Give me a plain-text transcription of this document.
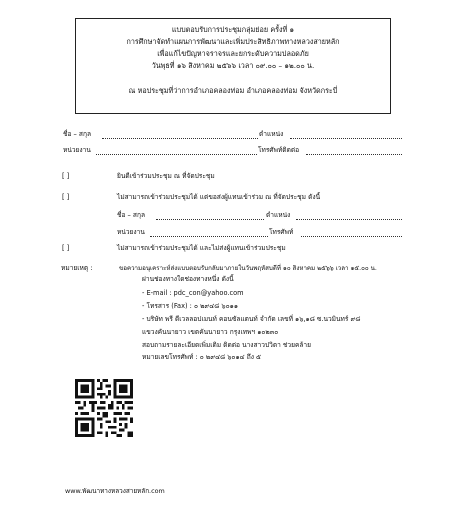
แบบตอบรับการประชุมกลุ่มย่อย ครั้งที่ ๑
การศึกษาจัดทำแผนการพัฒนาและเพิ่มประสิทธิภาพทางหลวงสายหลัก
เพื่อแก้ไขปัญหาจราจรและยกระดับความปลอดภัย
วันพุธที่ ๑๖ สิงหาคม ๒๕๖๖ เวลา ๐๙.๐๐ – ๑๒.๐๐ น.
ณ หอประชุมที่ว่าการอำเภอคลองท่อม อำเภอคลองท่อม จังหวัดกระบี่
ชื่อ – สกุล	ตำแหน่ง
หน่วยงาน	โทรศัพท์ติดต่อ
[ ]	ยินดีเข้าร่วมประชุม ณ ที่จัดประชุม
[ ]	ไม่สามารถเข้าร่วมประชุมได้ แต่ขอส่งผู้แทนเข้าร่วม ณ ที่จัดประชุม ดังนี้
ชื่อ – สกุล	ตำแหน่ง
หน่วยงาน	โทรศัพท์
[ ]	ไม่สามารถเข้าร่วมประชุมได้ และไม่ส่งผู้แทนเข้าร่วมประชุม
หมายเหตุ :	ขอความอนุเคราะห์ส่งแบบตอบรับกลับมาภายในวันพฤหัสบดีที่ ๑๐ สิงหาคม ๒๕๖๖ เวลา ๑๕.๐๐ น.
ผ่านช่องทางใดช่องทางหนึ่ง ดังนี้
- E-mail : pdc_con@yahoo.com
- โทรสาร (Fax) : ๐ ๒๙๔๘ ๖๐๑๑
- บริษัท พรี ดีเวลลอปเมนท์ คอนซัลแตนท์ จำกัด เลขที่ ๑๖,๑๘ ซ.นวมินทร์ ๙๘
แขวงคันนายาว เขตคันนายาว กรุงเทพฯ ๑๐๒๓๐
สอบถามรายละเอียดเพิ่มเติม ติดต่อ นางสาวปวิตา ช่วยคล้าย
หมายเลขโทรศัพท์ : ๐ ๒๙๔๘ ๖๐๑๔ ถึง ๕
www.พัฒนาทางหลวงสายหลัก.com
